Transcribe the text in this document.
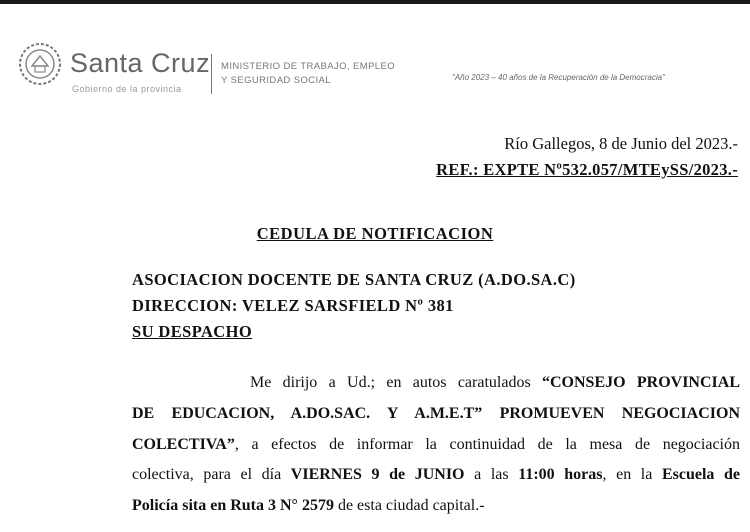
Santa Cruz
Gobierno de la provincia
MINISTERIO DE TRABAJO, EMPLEO
Y SEGURIDAD SOCIAL	"Año 2023 – 40 años de la Recuperación de la Democracia"
Río Gallegos, 8 de Junio del 2023.-
REF.: EXPTE Nº532.057/MTEySS/2023.-
CEDULA DE NOTIFICACION
ASOCIACION DOCENTE DE SANTA CRUZ (A.DO.SA.C)
DIRECCION: VELEZ SARSFIELD Nº 381
SU DESPACHO
Me dirijo a Ud.; en autos caratulados “CONSEJO PROVINCIAL
DE EDUCACION, A.DO.SAC. Y A.M.E.T” PROMUEVEN NEGOCIACION
COLECTIVA”, a efectos de informar la continuidad de la mesa de negociación
colectiva, para el día VIERNES 9 de JUNIO a las 11:00 horas, en la Escuela de
Policía sita en Ruta 3 N° 2579 de esta ciudad capital.-
